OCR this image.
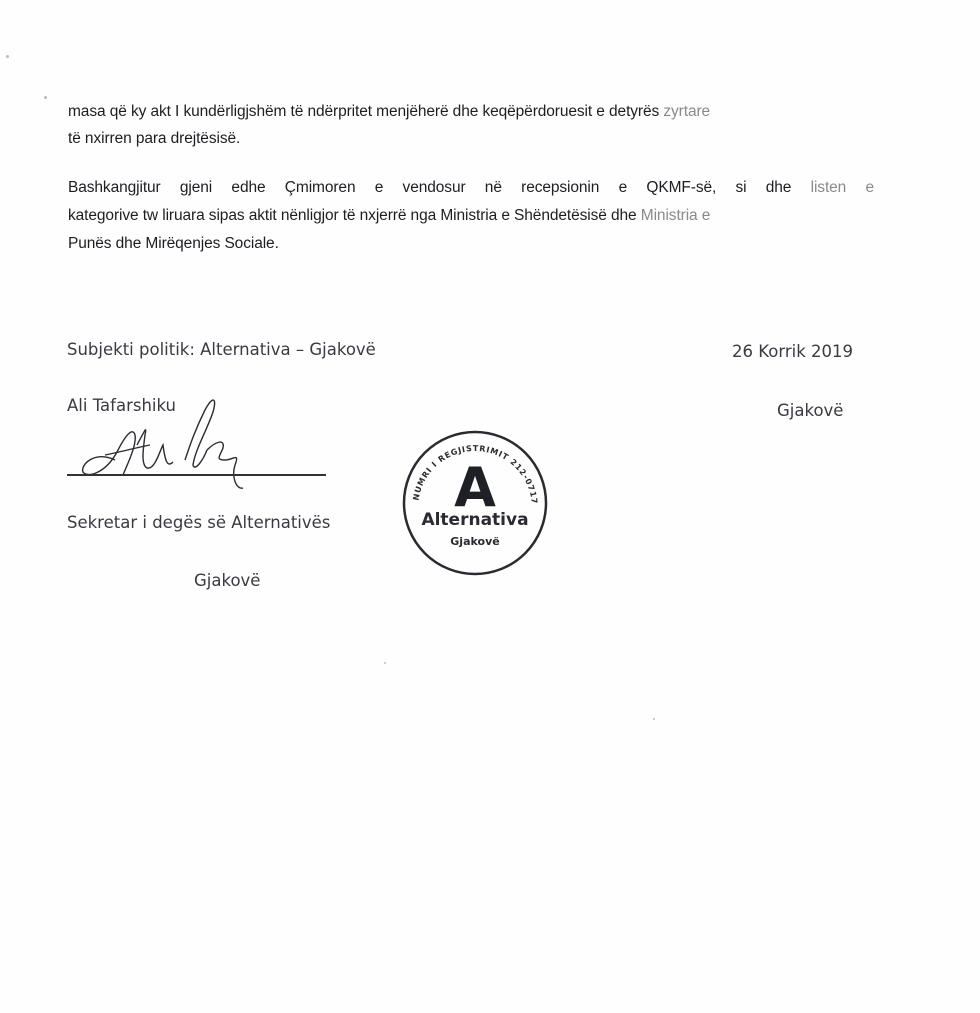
masa që ky akt I kundërligjshëm të ndërpritet menjëherë dhe keqëpërdoruesit e detyrës zyrtare
të nxirren para drejtësisë.
Bashkangjitur gjeni edhe Çmimoren e vendosur në recepsionin e QKMF-së, si dhe listen e
kategorive tw liruara sipas aktit nënligjor të nxjerrë nga Ministria e Shëndetësisë dhe Ministria e
Punës dhe Mirëqenjes Sociale.
Subjekti politik: Alternativa – Gjakovë	26 Korrik 2019
Gjakovë
Ali Tafarshiku
Sekretar i degës së Alternativës
Gjakovë
NUMRI I REGJISTRIMIT 212-0717
A
Alternativa
Gjakovë
